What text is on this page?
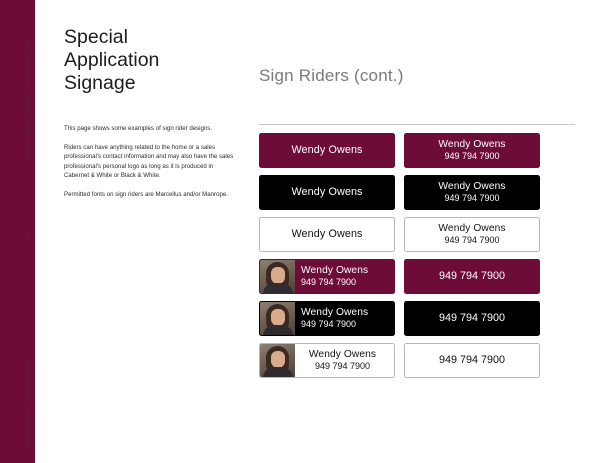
BERKSHIRE HATHAWAY HOMESERVICES
51
BRAND GUIDELINES JAN 2023
Special
Application
Signage

This page shows some examples of sign rider designs.

Riders can have anything related to the home or a sales professional's contact information and may also have the sales professional's personal logo as long as it is produced in Cabernet & White or Black & White.

Permitted fonts on sign riders are Marcellus and/or Manrope.

Sign Riders (cont.)
Wendy Owens	Wendy Owens
949 794 7900
Wendy Owens	Wendy Owens
949 794 7900
Wendy Owens	Wendy Owens
949 794 7900
Wendy Owens
949 794 7900	949 794 7900
Wendy Owens
949 794 7900	949 794 7900
Wendy Owens
949 794 7900	949 794 7900
